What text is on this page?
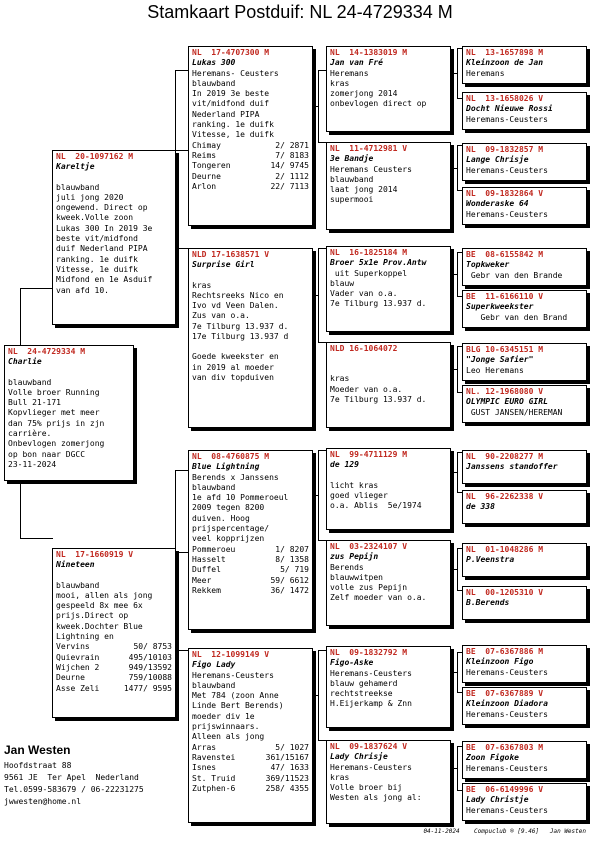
Stamkaart Postduif: NL 24-4729334 M
NL  24-4729334 M
Charlie
blauwband
Volle broer Running
Bull 21-171
Kopvlieger met meer
dan 75% prijs in zjn
carrière.
Onbevlogen zomerjong
op bon naar DGCC
23-11-2024
NL  20-1097162 M
Kareltje
blauwband
juli jong 2020
ongewend. Direct op
kweek.Volle zoon
Lukas 300 In 2019 3e
beste vit/midfond
duif Nederland PIPA
ranking. 1e duifk
Vitesse, 1e duifk
Midfond en 1e Asduif
van afd 10.
NL  17-1660919 V
Nineteen
blauwband
mooi, allen als jong
gespeeld 8x mee 6x
prijs.Direct op
kweek.Dochter Blue
Lightning en
Vervins	50/ 8753
Quievrain	495/10103
Wijchen 2	949/13592
Deurne	759/10088
Asse Zeli	1477/ 9595
NL  17-4707300 M
Lukas 300
Heremans- Ceusters
blauwband
In 2019 3e beste
vit/midfond duif
Nederland PIPA
ranking. 1e duifk
Vitesse, 1e duifk
Chimay	2/ 2871
Reims	7/ 8183
Tongeren	14/ 9745
Deurne	2/ 1112
Arlon	22/ 7113
NLD 17-1638571 V
Surprise Girl
kras
Rechtsreeks Nico en
Ivo vd Veen Dalen.
Zus van o.a.
7e Tilburg 13.937 d.
17e Tilburg 13.937 d
Goede kweekster en
in 2019 al moeder
van div topduiven
NL  08-4760875 M
Blue Lightning
Berends x Janssens
blauwband
1e afd 10 Pommeroeul
2009 tegen 8200
duiven. Hoog
prijspercentage/
veel kopprijzen
Pommeroeu	1/ 8207
Hasselt	8/ 1358
Duffel	5/ 719
Meer	59/ 6612
Rekkem	36/ 1472
NL  12-1099149 V
Figo Lady
Heremans-Ceusters
blauwband
Met 784 (zoon Anne
Linde Bert Berends)
moeder div 1e
prijswinnaars.
Alleen als jong
Arras	5/ 1027
Ravenstei	361/15167
Isnes	47/ 1633
St. Truid	369/11523
Zutphen-6	258/ 4355
NL  14-1383019 M
Jan van Fré
Heremans
kras
zomerjong 2014
onbevlogen direct op
NL  11-4712981 V
3e Bandje
Heremans Ceusters
blauwband
laat jong 2014
supermooi
NL  16-1825184 M
Broer 5x1e Prov.Antw
uit Superkoppel
blauw
Vader van o.a.
7e Tilburg 13.937 d.
NLD 16-1064072
kras
Moeder van o.a.
7e Tilburg 13.937 d.
NL  99-4711129 M
de 129
licht kras
goed vlieger
o.a. Ablis  5e/1974
NL  03-2324107 V
zus Pepijn
Berends
blauwwitpen
volle zus Pepijn
Zelf moeder van o.a.
NL  09-1832792 M
Figo-Aske
Heremans-Ceusters
blauw gehamerd
rechtstreekse
H.Eijerkamp & Znn
NL  09-1837624 V
Lady Chrisje
Heremans-Ceusters
kras
Volle broer bij
Westen als jong al:
NL  13-1657898 M
Kleinzoon de Jan
Heremans
NL  13-1658026 V
Docht Nieuwe Rossi
Heremans-Ceusters
NL  09-1832857 M
Lange Chrisje
Heremans-Ceusters
NL  09-1832864 V
Wonderaske 64
Heremans-Ceusters
BE  08-6155842 M
Topkweker
Gebr van den Brande
BE  11-6166110 V
Superkweekster
Gebr van den Brand
BLG 10-6345151 M
"Jonge Safier"
Leo Heremans
NL. 12-1968080 V
OLYMPIC EURO GIRL
GUST JANSEN/HEREMAN
NL  90-2208277 M
Janssens standoffer
NL  96-2262338 V
de 338
NL  01-1048286 M
P.Veenstra
NL  00-1205310 V
B.Berends
BE  07-6367886 M
Kleinzoon Figo
Heremans-Ceusters
BE  07-6367889 V
Kleinzoon Diadora
Heremans-Ceusters
BE  07-6367803 M
Zoon Figoke
Heremans-Ceusters
BE  06-6149996 V
Lady Christje
Heremans-Ceusters
Jan Westen
Hoofdstraat 88
9561 JE  Ter Apel  Nederland
Tel.0599-583679 / 06-22231275
jwwesten@home.nl
04-11-2024    Compuclub ® [9.46]   Jan Westen
